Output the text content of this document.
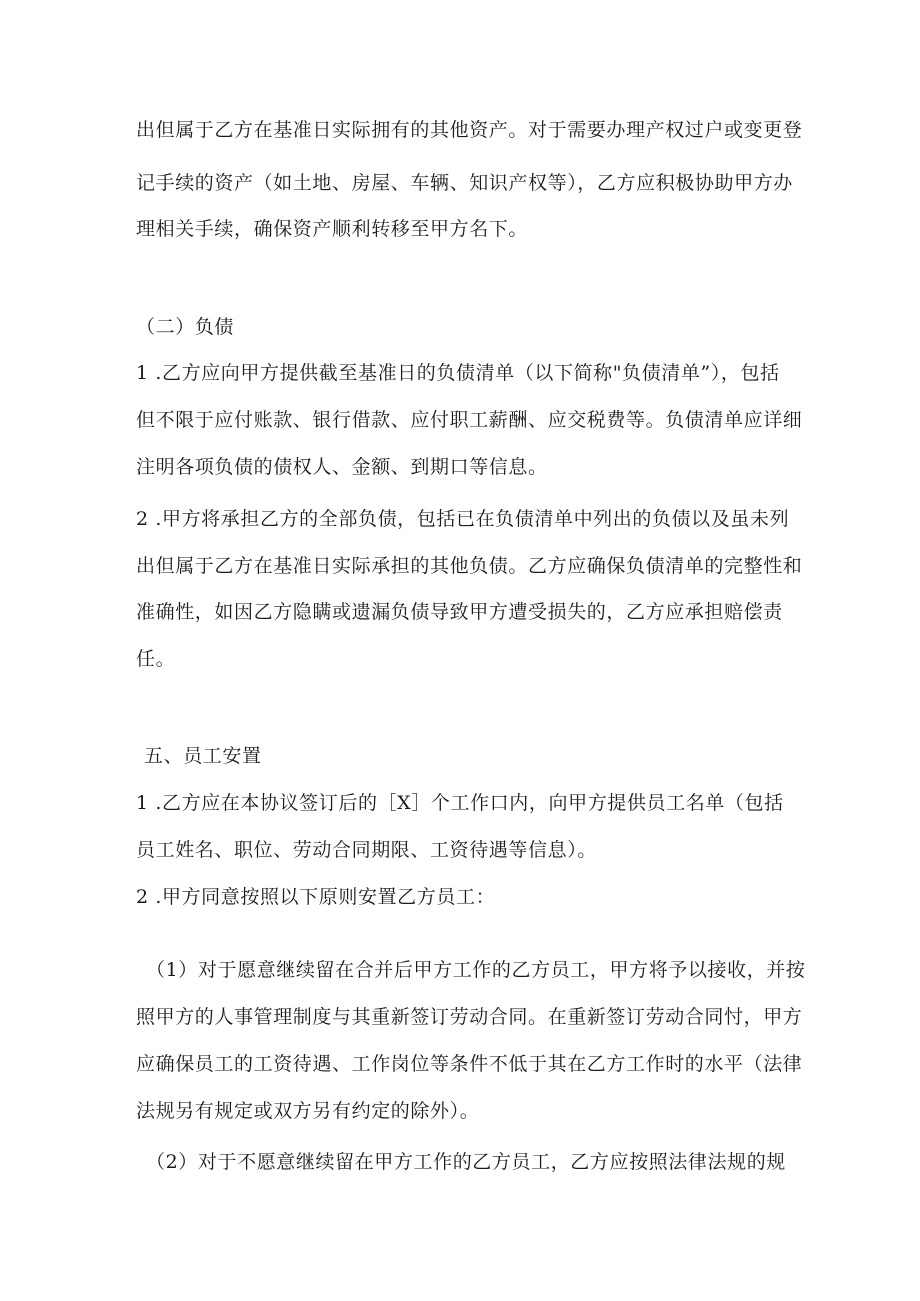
出但属于乙方在基准日实际拥有的其他资产。对于需要办理产权过户或变更登
记手续的资产（如土地、房屋、车辆、知识产权等），乙方应积极协助甲方办
理相关手续，确保资产顺利转移至甲方名下。
（二）负债
1 .乙方应向甲方提供截至基准日的负债清单（以下简称"负债清单”），包括
但不限于应付账款、银行借款、应付职工薪酬、应交税费等。负债清单应详细
注明各项负债的债权人、金额、到期口等信息。
2 .甲方将承担乙方的全部负债，包括已在负债清单中列出的负债以及虽未列
出但属于乙方在基准日实际承担的其他负债。乙方应确保负债清单的完整性和
准确性，如因乙方隐瞒或遗漏负债导致甲方遭受损失的，乙方应承担赔偿责
任。
五、员工安置
1 .乙方应在本协议签订后的［X］个工作口内，向甲方提供员工名单（包括
员工姓名、职位、劳动合同期限、工资待遇等信息）。
2 .甲方同意按照以下原则安置乙方员工：
（1）对于愿意继续留在合并后甲方工作的乙方员工，甲方将予以接收，并按
照甲方的人事管理制度与其重新签订劳动合同。在重新签订劳动合同忖，甲方
应确保员工的工资待遇、工作岗位等条件不低于其在乙方工作时的水平（法律
法规另有规定或双方另有约定的除外）。
（2）对于不愿意继续留在甲方工作的乙方员工，乙方应按照法律法规的规
